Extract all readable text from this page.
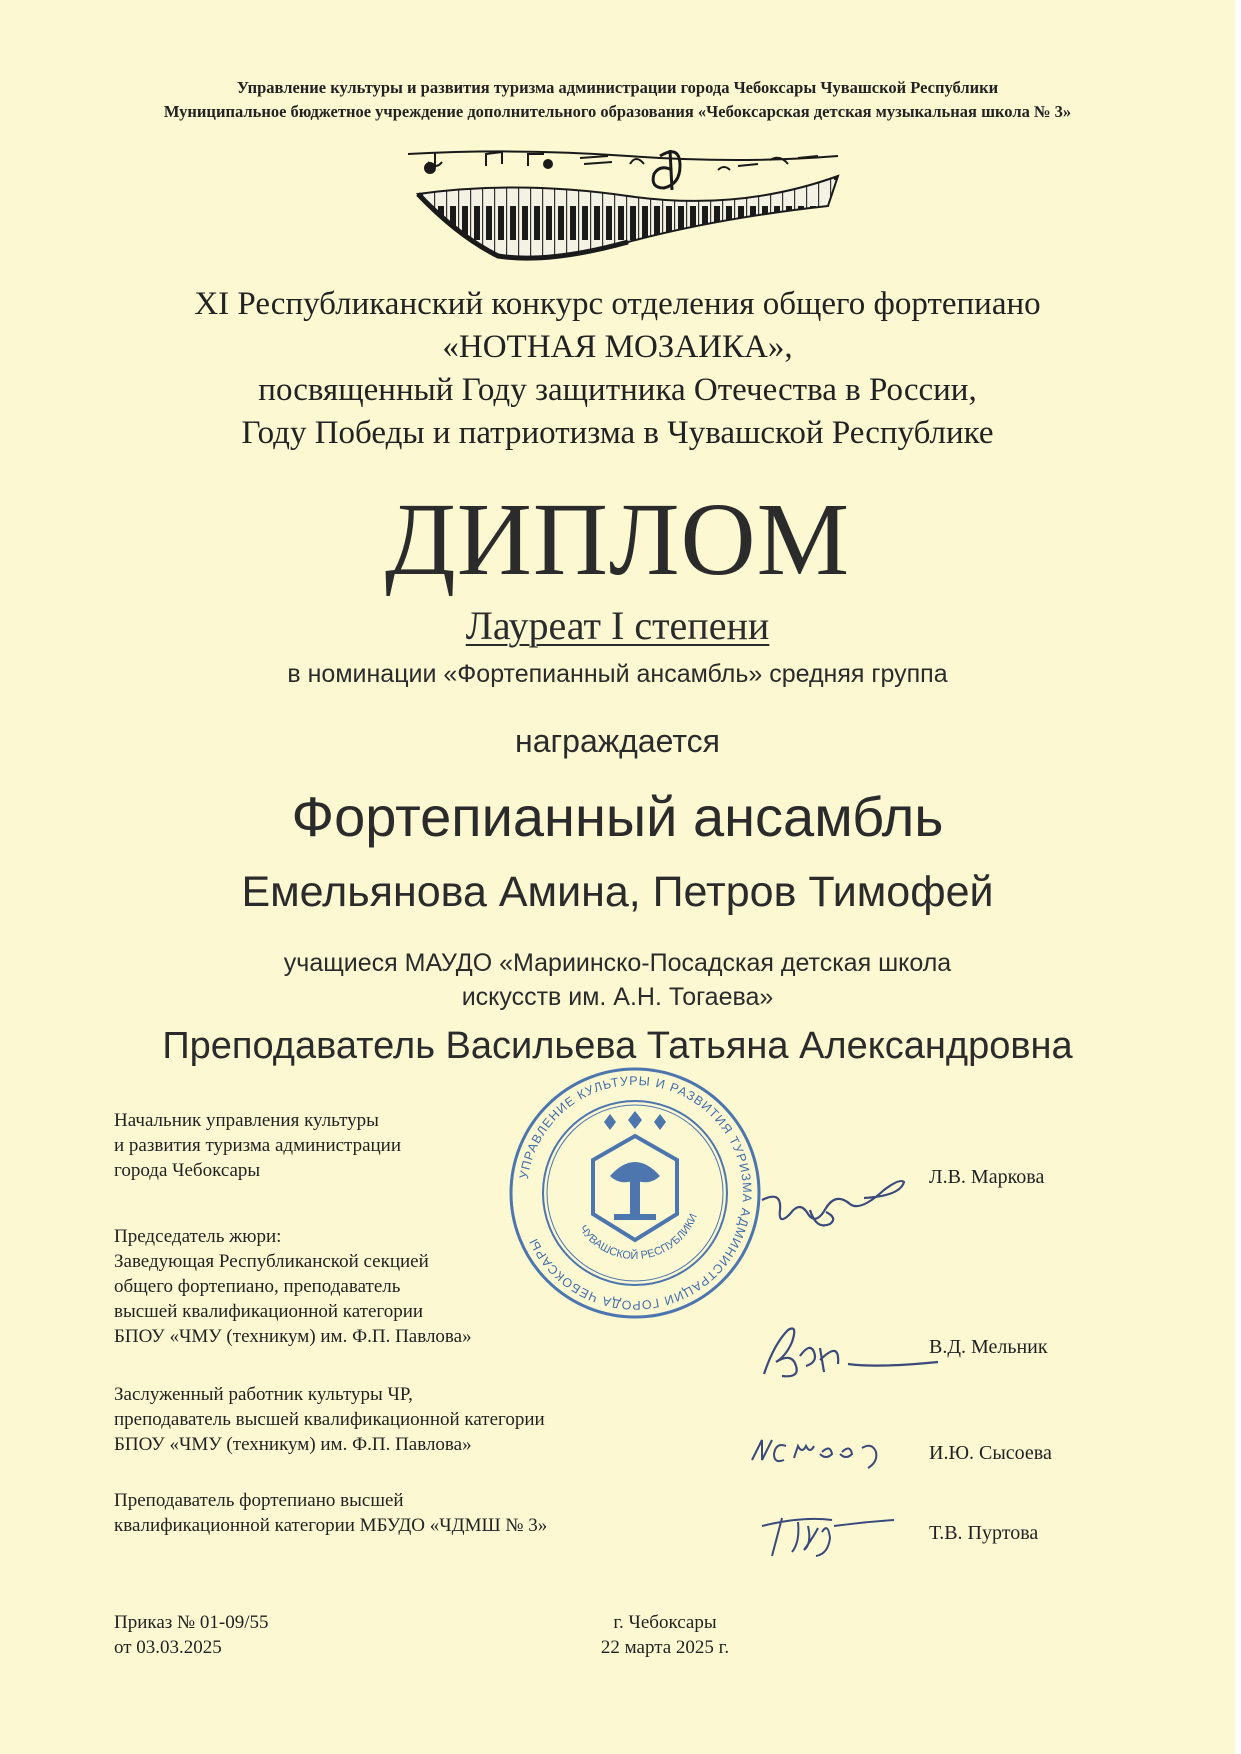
Управление культуры и развития туризма администрации города Чебоксары Чувашской Республики
Муниципальное бюджетное учреждение дополнительного образования «Чебоксарская детская музыкальная школа № 3»
XI Республиканский конкурс отделения общего фортепиано
«НОТНАЯ МОЗАИКА»,
посвященный Году защитника Отечества в России,
Году Победы и патриотизма в Чувашской Республике
ДИПЛОМ
Лауреат I степени
в номинации «Фортепианный ансамбль» средняя группа
награждается
Фортепианный ансамбль
Емельянова Амина, Петров Тимофей
учащиеся МАУДО «Мариинско-Посадская детская школа
искусств им. А.Н. Тогаева»
Преподаватель Васильева Татьяна Александровна
УПРАВЛЕНИЕ КУЛЬТУРЫ И РАЗВИТИЯ ТУРИЗМА АДМИНИСТРАЦИИ ГОРОДА ЧЕБОКСАРЫ
ЧУВАШСКОЙ РЕСПУБЛИКИ
Начальник управления культуры
и развития туризма администрации
города Чебоксары	Л.В. Маркова
Председатель жюри:
Заведующая Республиканской секцией
общего фортепиано, преподаватель
высшей квалификационной категории
БПОУ «ЧМУ (техникум) им. Ф.П. Павлова»	В.Д. Мельник
Заслуженный работник культуры ЧР,
преподаватель высшей квалификационной категории
БПОУ «ЧМУ (техникум) им. Ф.П. Павлова»	И.Ю. Сысоева
Преподаватель фортепиано высшей
квалификационной категории МБУДО «ЧДМШ № 3»	Т.В. Пуртова
Приказ № 01-09/55
от 03.03.2025
г. Чебоксары
22 марта 2025 г.
